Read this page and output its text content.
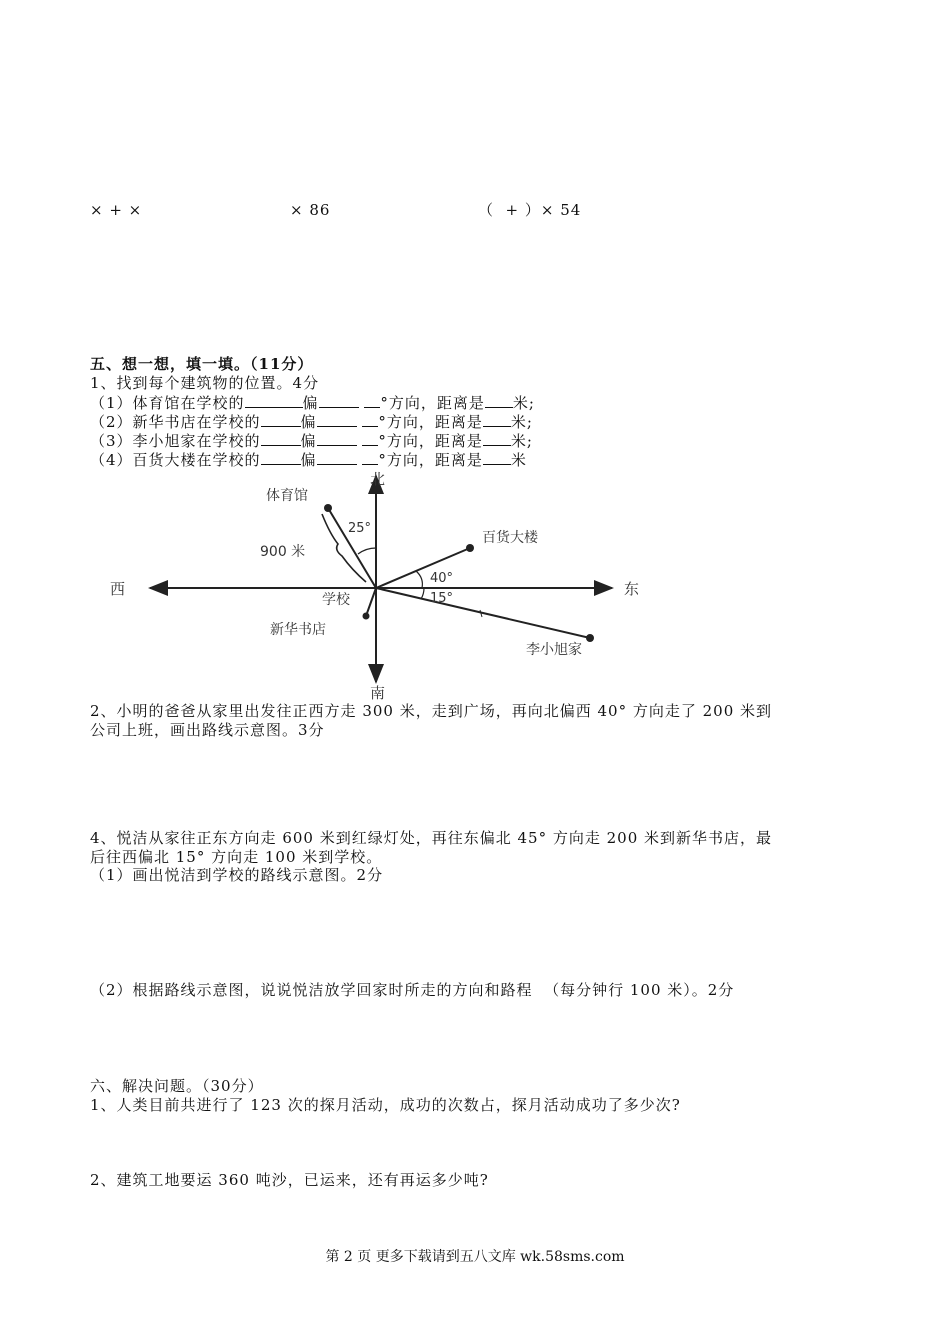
× + ×	× 86	（  + ）× 54
五、想一想，填一填。（11分）
1、找到每个建筑物的位置。4分
（1）体育馆在学校的	偏	°方向，距离是 米;
（2）新华书店在学校的	偏	°方向，距离是 米;
（3）李小旭家在学校的	偏	°方向，距离是 米;
（4）百货大楼在学校的	偏	°方向，距离是 米
北
南
西	东
体育馆
25°
900 米
百货大楼
40°
15°
学校
新华书店
李小旭家
2、小明的爸爸从家里出发往正西方走 300 米，走到广场，再向北偏西 40° 方向走了 200 米到
公司上班，画出路线示意图。3分
4、悦洁从家往正东方向走 600 米到红绿灯处，再往东偏北 45° 方向走 200 米到新华书店，最
后往西偏北 15° 方向走 100 米到学校。
（1）画出悦洁到学校的路线示意图。2分
（2）根据路线示意图，说说悦洁放学回家时所走的方向和路程  （每分钟行 100 米）。2分
六、解决问题。（30分）
1、人类目前共进行了 123 次的探月活动，成功的次数占，探月活动成功了多少次?
2、建筑工地要运 360 吨沙，已运来，还有再运多少吨?
第 2 页 更多下载请到五八文库 wk.58sms.com
